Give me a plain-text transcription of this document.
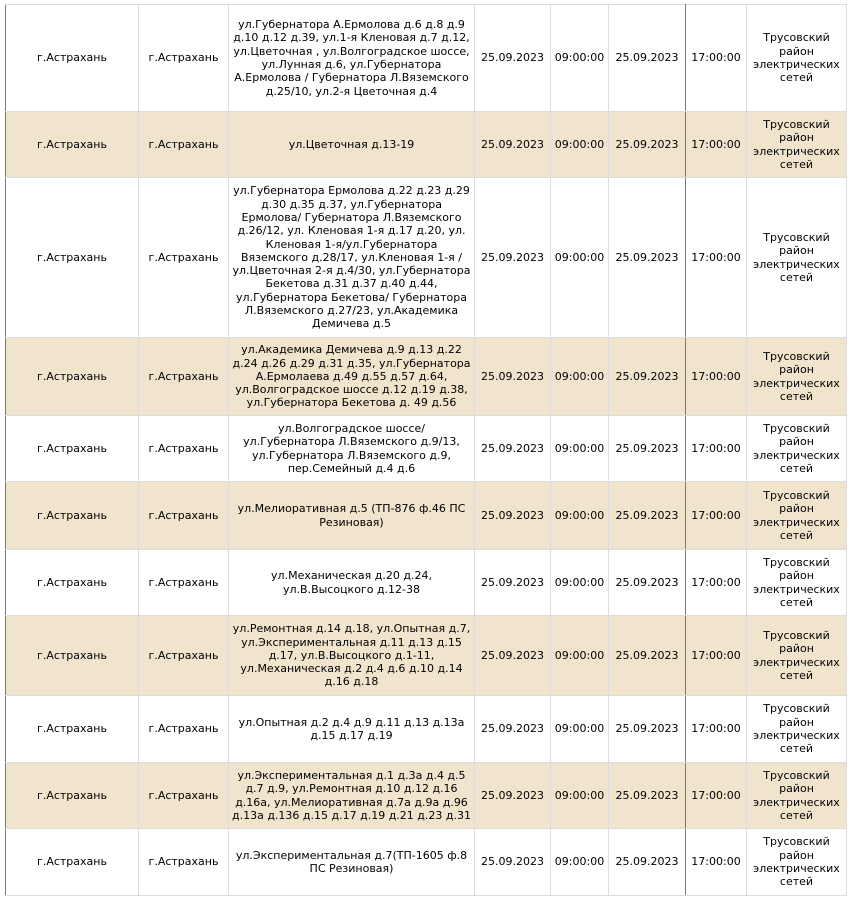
г.Астрахань	г.Астрахань	ул.Губернатора А.Ермолова д.6 д.8 д.9 д.10 д.12 д.39, ул.1-я Кленовая д.7 д.12, ул.Цветочная , ул.Волгоградское шоссе, ул.Лунная д.6, ул.Губернатора А.Ермолова / Губернатора Л.Вяземского д.25/10, ул.2-я Цветочная д.4	25.09.2023	09:00:00	25.09.2023	17:00:00	Трусовский район электрических сетей
г.Астрахань	г.Астрахань	ул.Цветочная д.13-19	25.09.2023	09:00:00	25.09.2023	17:00:00	Трусовский район электрических сетей
г.Астрахань	г.Астрахань	ул.Губернатора Ермолова д.22 д.23 д.29 д.30 д.35 д.37, ул.Губернатора Ермолова/ Губернатора Л.Вяземского д.26/12, ул. Кленовая 1-я д.17 д.20, ул. Кленовая 1-я/ул.Губернатора Вяземского д.28/17, ул.Кленовая 1-я / ул.Цветочная 2-я д.4/30, ул.Губернатора Бекетова д.31 д.37 д.40 д.44, ул.Губернатора Бекетова/ Губернатора Л.Вяземского д.27/23, ул.Академика Демичева д.5	25.09.2023	09:00:00	25.09.2023	17:00:00	Трусовский район электрических сетей
г.Астрахань	г.Астрахань	ул.Академика Демичева д.9 д.13 д.22 д.24 д.26 д.29 д.31 д.35, ул.Губернатора А.Ермолаева д.49 д.55 д.57 д.64, ул.Волгоградское шоссе д.12 д.19 д.38, ул.Губернатора Бекетова д. 49 д.56	25.09.2023	09:00:00	25.09.2023	17:00:00	Трусовский район электрических сетей
г.Астрахань	г.Астрахань	ул.Волгоградское шоссе/ ул.Губернатора Л.Вяземского д.9/13, ул.Губернатора Л.Вяземского д.9, пер.Семейный д.4 д.6	25.09.2023	09:00:00	25.09.2023	17:00:00	Трусовский район электрических сетей
г.Астрахань	г.Астрахань	ул.Мелиоративная д.5 (ТП-876 ф.46 ПС Резиновая)	25.09.2023	09:00:00	25.09.2023	17:00:00	Трусовский район электрических сетей
г.Астрахань	г.Астрахань	ул.Механическая д.20 д.24, ул.В.Высоцкого д.12-38	25.09.2023	09:00:00	25.09.2023	17:00:00	Трусовский район электрических сетей
г.Астрахань	г.Астрахань	ул.Ремонтная д.14 д.18, ул.Опытная д.7, ул.Экспериментальная д.11 д.13 д.15 д.17, ул.В.Высоцкого д.1-11, ул.Механическая д.2 д.4 д.6 д.10 д.14 д.16 д.18	25.09.2023	09:00:00	25.09.2023	17:00:00	Трусовский район электрических сетей
г.Астрахань	г.Астрахань	ул.Опытная д.2 д.4 д.9 д.11 д.13 д.13а д.15 д.17 д.19	25.09.2023	09:00:00	25.09.2023	17:00:00	Трусовский район электрических сетей
г.Астрахань	г.Астрахань	ул.Экспериментальная д.1 д.3а д.4 д.5 д.7 д.9, ул.Ремонтная д.10 д.12 д.16 д.16а, ул.Мелиоративная д.7а д.9а д.96 д.13а д.136 д.15 д.17 д.19 д.21 д.23 д.31	25.09.2023	09:00:00	25.09.2023	17:00:00	Трусовский район электрических сетей
г.Астрахань	г.Астрахань	ул.Экспериментальная д.7(ТП-1605 ф.8 ПС Резиновая)	25.09.2023	09:00:00	25.09.2023	17:00:00	Трусовский район электрических сетей
